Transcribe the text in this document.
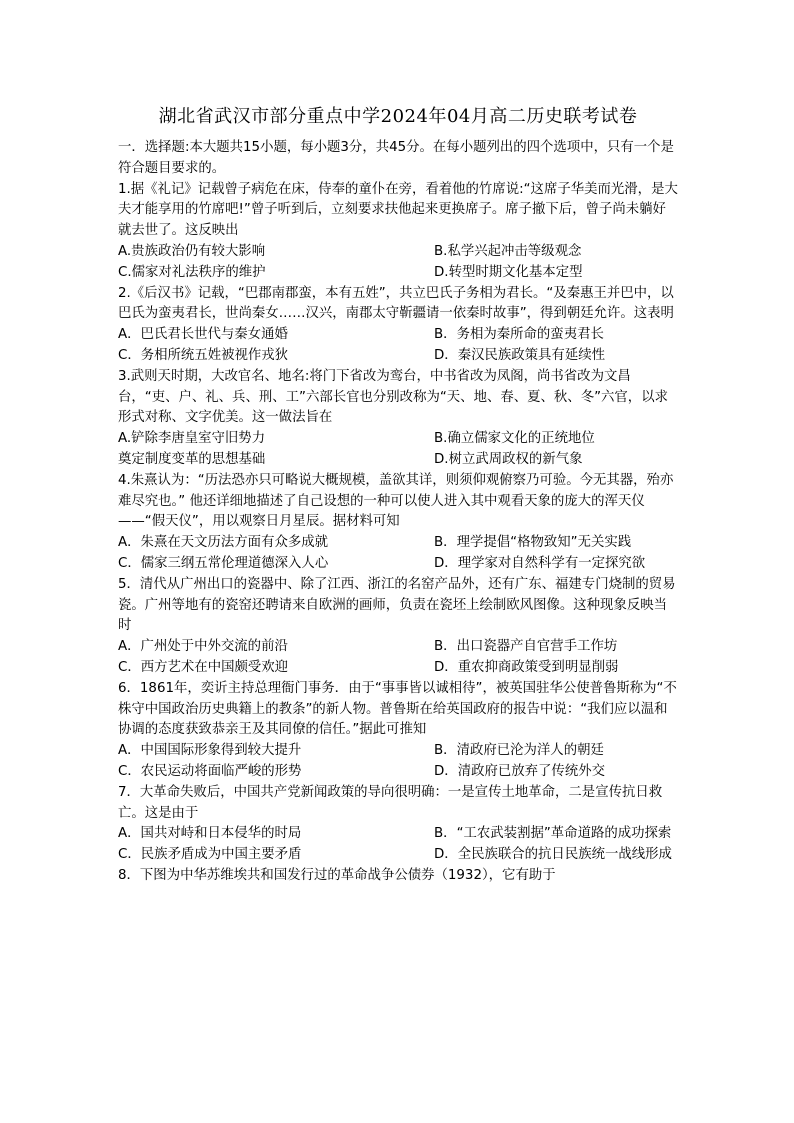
湖北省武汉市部分重点中学2024年04月高二历史联考试卷

一．选择题:本大题共15小题，每小题3分，共45分。在每小题列出的四个选项中，只有一个是符合题目要求的。

1.据《礼记》记载曾子病危在床，侍奉的童仆在旁，看着他的竹席说:“这席子华美而光滑，是大夫才能享用的竹席吧!”曾子听到后，立刻要求扶他起来更换席子。席子撤下后，曾子尚未躺好就去世了。这反映出

A.贵族政治仍有较大影响	B.私学兴起冲击等级观念
C.儒家对礼法秩序的维护	D.转型时期文化基本定型

2.《后汉书》记载，“巴郡南郡蛮，本有五姓”，共立巴氏子务相为君长。“及秦惠王并巴中，以巴氏为蛮夷君长，世尚秦女……汉兴，南郡太守靳疆请一依秦时故事”，得到朝廷允许。这表明

A．巴氏君长世代与秦女通婚	B．务相为秦所命的蛮夷君长
C．务相所统五姓被视作戎狄	D．秦汉民族政策具有延续性

3.武则天时期，大改官名、地名:将门下省改为鸾台，中书省改为凤阁，尚书省改为文昌台，“吏、户、礼、兵、刑、工”六部长官也分别改称为“天、地、春、夏、秋、冬”六官，以求形式对称、文字优美。这一做法旨在

A.铲除李唐皇室守旧势力	B.确立儒家文化的正统地位
奠定制度变革的思想基础	D.树立武周政权的新气象

4.朱熹认为：“历法恐亦只可略说大概规模，盖欲其详，则须仰观俯察乃可验。今无其器，殆亦难尽究也。” 他还详细地描述了自己设想的一种可以使人进入其中观看天象的庞大的浑天仪——“假天仪”，用以观察日月星辰。据材料可知

A．朱熹在天文历法方面有众多成就	B．理学提倡“格物致知”无关实践
C．儒家三纲五常伦理道德深入人心	D．理学家对自然科学有一定探究欲

5．清代从广州出口的瓷器中、除了江西、浙江的名窑产品外，还有广东、福建专门烧制的贸易瓷。广州等地有的瓷窑还聘请来自欧洲的画师，负责在瓷坯上绘制欧风图像。这种现象反映当时

A．广州处于中外交流的前沿	B．出口瓷器产自官营手工作坊
C．西方艺术在中国颇受欢迎	D．重农抑商政策受到明显削弱

6．1861年，奕䜣主持总理衙门事务．由于“事事皆以诚相待”，被英国驻华公使普鲁斯称为“不株守中国政治历史典籍上的教条”的新人物。普鲁斯在给英国政府的报告中说：“我们应以温和协调的态度获致恭亲王及其同僚的信任。”据此可推知

A．中国国际形象得到较大提升	B．清政府已沦为洋人的朝廷
C．农民运动将面临严峻的形势	D．清政府已放弃了传统外交

7．大革命失败后，中国共产党新闻政策的导向很明确：一是宣传土地革命，二是宣传抗日救亡。这是由于

A．国共对峙和日本侵华的时局	B．“工农武装割据”革命道路的成功探索
C．民族矛盾成为中国主要矛盾	D．全民族联合的抗日民族统一战线形成

8．下图为中华苏维埃共和国发行过的革命战争公债券（1932），它有助于
